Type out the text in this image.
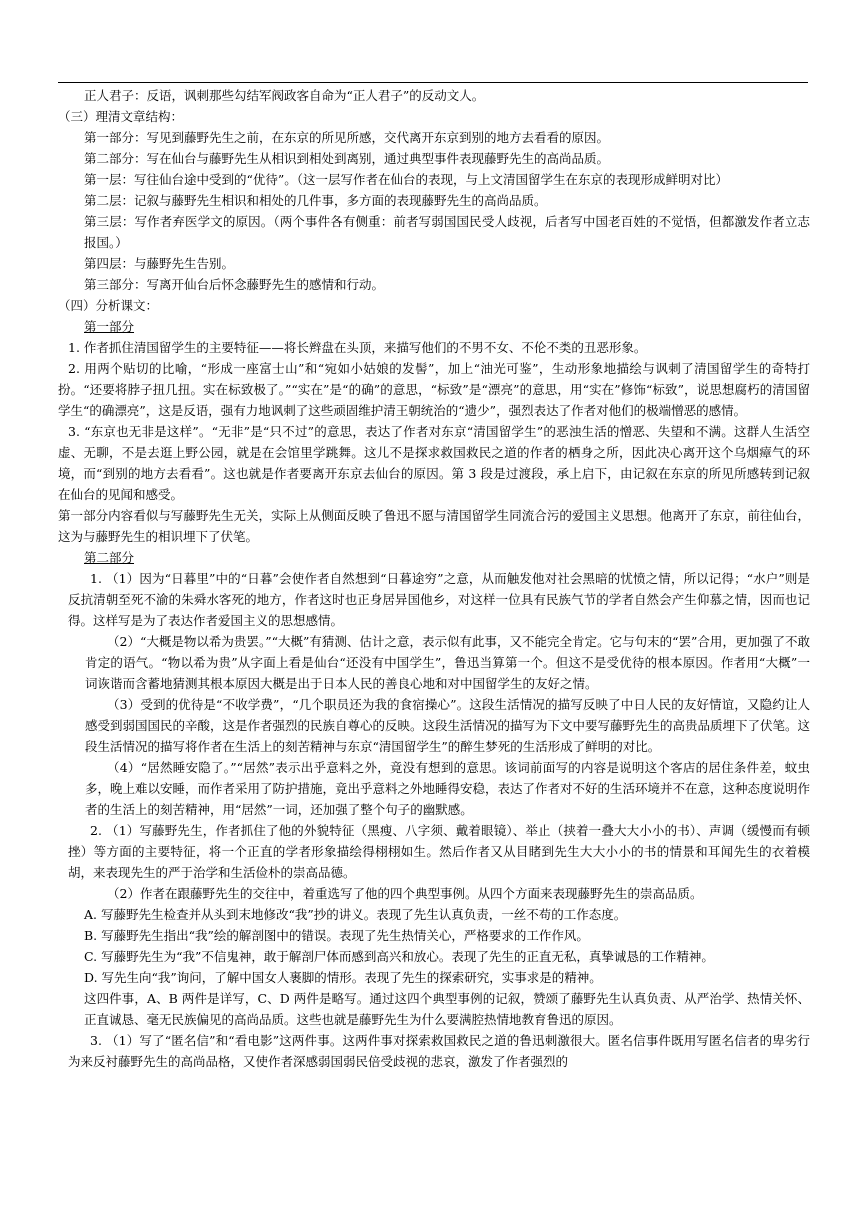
正人君子：反语，讽刺那些勾结军阀政客自命为“正人君子”的反动文人。

（三）理清文章结构：

第一部分：写见到藤野先生之前，在东京的所见所感，交代离开东京到别的地方去看看的原因。

第二部分：写在仙台与藤野先生从相识到相处到离别，通过典型事件表现藤野先生的高尚品质。

第一层：写往仙台途中受到的“优待”。（这一层写作者在仙台的表现，与上文清国留学生在东京的表现形成鲜明对比）

第二层：记叙与藤野先生相识和相处的几件事，多方面的表现藤野先生的高尚品质。

第三层：写作者弃医学文的原因。（两个事件各有侧重：前者写弱国国民受人歧视，后者写中国老百姓的不觉悟，但都激发作者立志报国。）

第四层：与藤野先生告别。

第三部分：写离开仙台后怀念藤野先生的感情和行动。

（四）分析课文：

第一部分

1. 作者抓住清国留学生的主要特征——将长辫盘在头顶，来描写他们的不男不女、不伦不类的丑恶形象。

2. 用两个贴切的比喻，“形成一座富士山”和“宛如小姑娘的发髻”，加上“油光可鉴”，生动形象地描绘与讽刺了清国留学生的奇特打扮。“还要将脖子扭几扭。实在标致极了。”“实在”是“的确”的意思，“标致”是“漂亮”的意思，用“实在”修饰“标致”，说思想腐朽的清国留学生“的确漂亮”，这是反语，强有力地讽刺了这些顽固维护清王朝统治的“遗少”，强烈表达了作者对他们的极端憎恶的感情。

3. “东京也无非是这样”。“无非”是“只不过”的意思，表达了作者对东京“清国留学生”的恶浊生活的憎恶、失望和不满。这群人生活空虚、无聊，不是去逛上野公园，就是在会馆里学跳舞。这儿不是探求救国救民之道的作者的栖身之所，因此决心离开这个乌烟瘴气的环境，而“到别的地方去看看”。这也就是作者要离开东京去仙台的原因。第 3 段是过渡段，承上启下，由记叙在东京的所见所感转到记叙在仙台的见闻和感受。

第一部分内容看似与写藤野先生无关，实际上从侧面反映了鲁迅不愿与清国留学生同流合污的爱国主义思想。他离开了东京，前往仙台，这为与藤野先生的相识埋下了伏笔。

第二部分

1. （1）因为“日暮里”中的“日暮”会使作者自然想到“日暮途穷”之意，从而触发他对社会黑暗的忧愤之情，所以记得；“水户”则是反抗清朝至死不渝的朱舜水客死的地方，作者这时也正身居异国他乡，对这样一位具有民族气节的学者自然会产生仰慕之情，因而也记得。这样写是为了表达作者爱国主义的思想感情。

（2）“大概是物以希为贵罢。”“大概”有猜测、估计之意，表示似有此事，又不能完全肯定。它与句末的“罢”合用，更加强了不敢肯定的语气。“物以希为贵”从字面上看是仙台“还没有中国学生”，鲁迅当算第一个。但这不是受优待的根本原因。作者用“大概”一词诙谐而含蓄地猜测其根本原因大概是出于日本人民的善良心地和对中国留学生的友好之情。

（3）受到的优待是“不收学费”，“几个职员还为我的食宿操心”。这段生活情况的描写反映了中日人民的友好情谊，又隐约让人感受到弱国国民的辛酸，这是作者强烈的民族自尊心的反映。这段生活情况的描写为下文中要写藤野先生的高贵品质埋下了伏笔。这段生活情况的描写将作者在生活上的刻苦精神与东京“清国留学生”的醉生梦死的生活形成了鲜明的对比。

（4）“居然睡安隐了。”“居然”表示出乎意料之外，竟没有想到的意思。该词前面写的内容是说明这个客店的居住条件差，蚊虫多，晚上难以安睡，而作者采用了防护措施，竟出乎意料之外地睡得安稳，表达了作者对不好的生活环境并不在意，这种态度说明作者的生活上的刻苦精神，用“居然”一词，还加强了整个句子的幽默感。

2. （1）写藤野先生，作者抓住了他的外貌特征（黑瘦、八字须、戴着眼镜）、举止（挟着一叠大大小小的书）、声调（缓慢而有顿挫）等方面的主要特征，将一个正直的学者形象描绘得栩栩如生。然后作者又从目睹到先生大大小小的书的情景和耳闻先生的衣着模胡，来表现先生的严于治学和生活俭朴的崇高品德。

（2）作者在跟藤野先生的交往中，着重选写了他的四个典型事例。从四个方面来表现藤野先生的崇高品质。

A. 写藤野先生检查并从头到末地修改“我”抄的讲义。表现了先生认真负责，一丝不苟的工作态度。

B. 写藤野先生指出“我”绘的解剖图中的错误。表现了先生热情关心，严格要求的工作作风。

C. 写藤野先生为“我”不信鬼神，敢于解剖尸体而感到高兴和放心。表现了先生的正直无私，真挚诚恳的工作精神。

D. 写先生向“我”询问，了解中国女人裹脚的情形。表现了先生的探索研究，实事求是的精神。

这四件事，A、B 两件是详写，C、D 两件是略写。通过这四个典型事例的记叙，赞颂了藤野先生认真负责、从严治学、热情关怀、正直诚恳、毫无民族偏见的高尚品质。这些也就是藤野先生为什么要满腔热情地教育鲁迅的原因。

3. （1）写了“匿名信”和“看电影”这两件事。这两件事对探索救国救民之道的鲁迅刺激很大。匿名信事件既用写匿名信者的卑劣行为来反衬藤野先生的高尚品格，又使作者深感弱国弱民倍受歧视的悲哀，激发了作者强烈的
